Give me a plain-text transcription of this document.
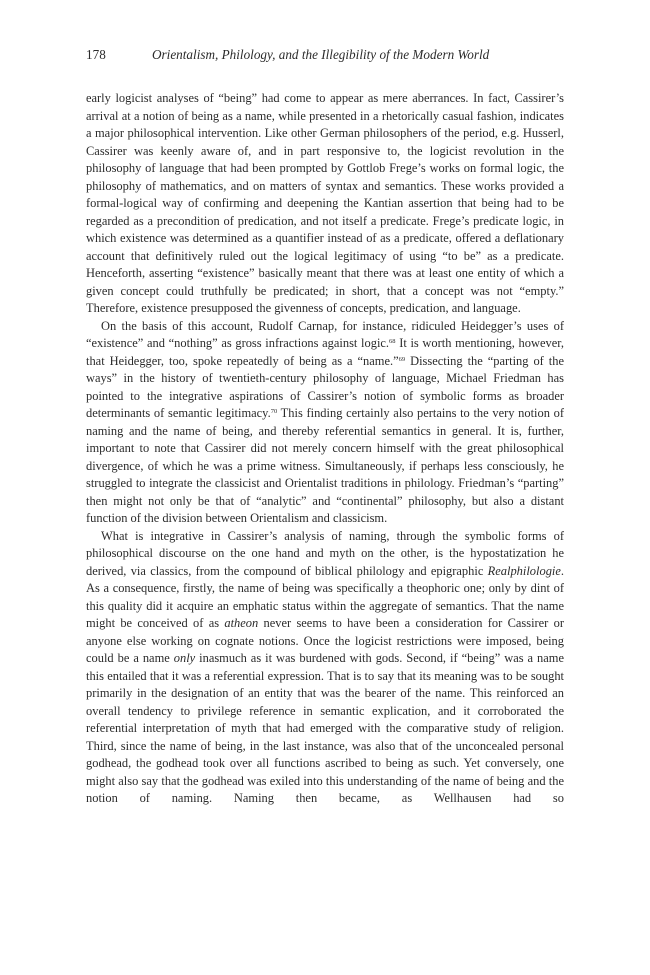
178	Orientalism, Philology, and the Illegibility of the Modern World

early logicist analyses of “being” had come to appear as mere aberrances. In fact, Cassirer’s arrival at a notion of being as a name, while presented in a rhetorically casual fashion, indicates a major philosophical intervention. Like other German philosophers of the period, e.g. Husserl, Cassirer was keenly aware of, and in part responsive to, the logicist revolution in the philosophy of language that had been prompted by Gottlob Frege’s works on formal logic, the philosophy of mathematics, and on matters of syntax and semantics. These works provided a formal-logical way of confirming and deepening the Kantian assertion that being had to be regarded as a precondition of predication, and not itself a predicate. Frege’s predicate logic, in which existence was determined as a quantifier instead of as a predicate, offered a deflationary account that definitively ruled out the logical legitimacy of using “to be” as a predicate. Henceforth, asserting “existence” basically meant that there was at least one entity of which a given concept could truthfully be predicated; in short, that a concept was not “empty.” Therefore, existence presupposed the givenness of concepts, predication, and language.

On the basis of this account, Rudolf Carnap, for instance, ridiculed Heidegger’s uses of “existence” and “nothing” as gross infractions against logic.$^{68}$ It is worth mentioning, however, that Heidegger, too, spoke repeatedly of being as a “name.”$^{69}$ Dissecting the “parting of the ways” in the history of twentieth-century philosophy of language, Michael Friedman has pointed to the integrative aspirations of Cassirer’s notion of symbolic forms as broader determinants of semantic legitimacy.$^{70}$ This finding certainly also pertains to the very notion of naming and the name of being, and thereby referential semantics in general. It is, further, important to note that Cassirer did not merely concern himself with the great philosophical divergence, of which he was a prime witness. Simultaneously, if perhaps less consciously, he struggled to integrate the classicist and Orientalist traditions in philology. Friedman’s “parting” then might not only be that of “analytic” and “continental” philosophy, but also a distant function of the division between Orientalism and classicism.

What is integrative in Cassirer’s analysis of naming, through the symbolic forms of philosophical discourse on the one hand and myth on the other, is the hypostatization he derived, via classics, from the compound of biblical philology and epigraphic Realphilologie. As a consequence, firstly, the name of being was specifically a theophoric one; only by dint of this quality did it acquire an emphatic status within the aggregate of semantics. That the name might be conceived of as atheon never seems to have been a consideration for Cassirer or anyone else working on cognate notions. Once the logicist restrictions were imposed, being could be a name only inasmuch as it was burdened with gods. Second, if “being” was a name this entailed that it was a referential expression. That is to say that its meaning was to be sought primarily in the designation of an entity that was the bearer of the name. This reinforced an overall tendency to privilege reference in semantic explication, and it corroborated the referential interpretation of myth that had emerged with the comparative study of religion. Third, since the name of being, in the last instance, was also that of the unconcealed personal godhead, the godhead took over all functions ascribed to being as such. Yet conversely, one might also say that the godhead was exiled into this understanding of the name of being and the notion of naming. Naming then became, as Wellhausen had so
